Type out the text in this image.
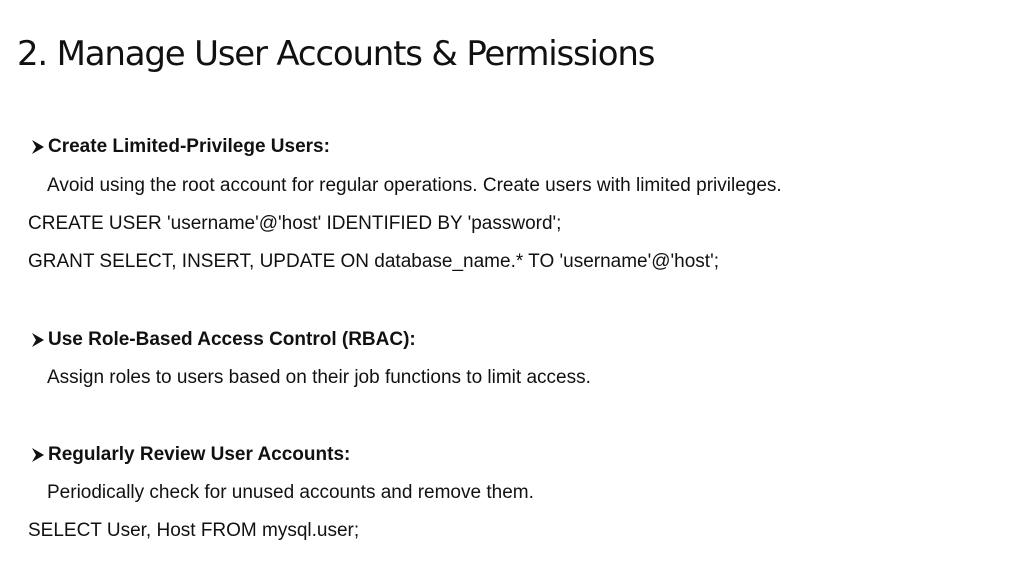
2. Manage User Accounts & Permissions
Create Limited-Privilege Users:
Avoid using the root account for regular operations. Create users with limited privileges.
CREATE USER 'username'@'host' IDENTIFIED BY 'password';
GRANT SELECT, INSERT, UPDATE ON database_name.* TO 'username'@'host';
Use Role-Based Access Control (RBAC):
Assign roles to users based on their job functions to limit access.
Regularly Review User Accounts:
Periodically check for unused accounts and remove them.
SELECT User, Host FROM mysql.user;
